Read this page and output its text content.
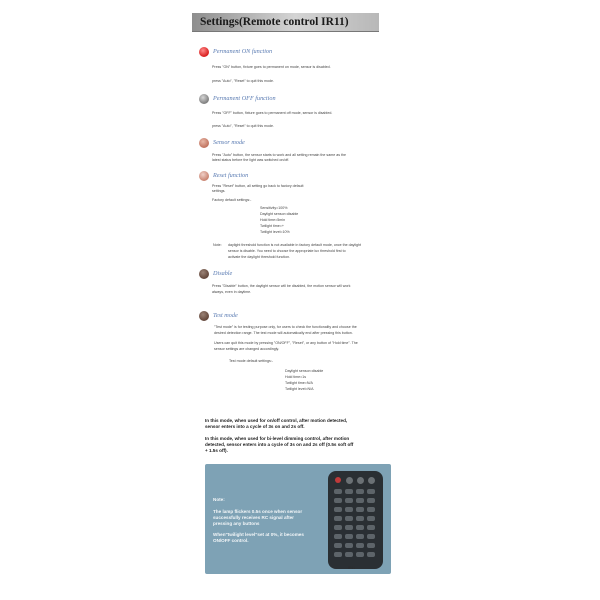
Settings(Remote control IR11)
Permanent ON function
Press "ON" button, fixture goes to permanent on mode, sensor is disabled.
press "Auto", "Reset" to quit this mode.
Permanent OFF function
Press "OFF" button, fixture goes to permanent off mode, sensor is disabled.
press "Auto", "Reset" to quit this mode.
Sensor mode
Press "Auto" button, the sensor starts to work and all setting remain the same as the
latest status before the light was switched on/off.
Reset function
Press "Reset" button, all setting go back to factory default
settings.
Factory default settings:-
Sensitivity=100%
Daylight sensor=disable
Hold time=5min
Twilight time=+
Twilight level=10%
Note: daylight threshold function is not available in factory default mode, once the daylight
sensor is disable. You need to choose the appropriate lux threshold first to
activate the daylight threshold function.
Disable
Press "Disable" button, the daylight sensor will be disabled, the motion sensor will work
always, even in daytime.
Test mode
"Test mode" is for testing purpose only, for users to check the functionality and choose the
desired detection range. The test mode will automatically end after pressing this button.
Users can quit this mode by pressing "ON/OFF", "Reset", or any button of "Hold time". The
sensor settings are changed accordingly.
Test mode default settings:-
Daylight sensor=disable
Hold time=1s
Twilight time=N/A
Twilight level=N/A
In this mode, when used for on/off control, after motion detected,
sensor enters into a cycle of 3s on and 2s off.
In this mode, when used for bi-level dimming control, after motion
detected, sensor enters into a cycle of 3s on and 2s off (0.5s soft off
+ 1.5s off).
Note:
The lamp flickers 0.5s once when sensor
successfully receives RC signal after
pressing any buttons
When"twilight level"set at 0%, it becomes
ON/OFF control.
IR11
